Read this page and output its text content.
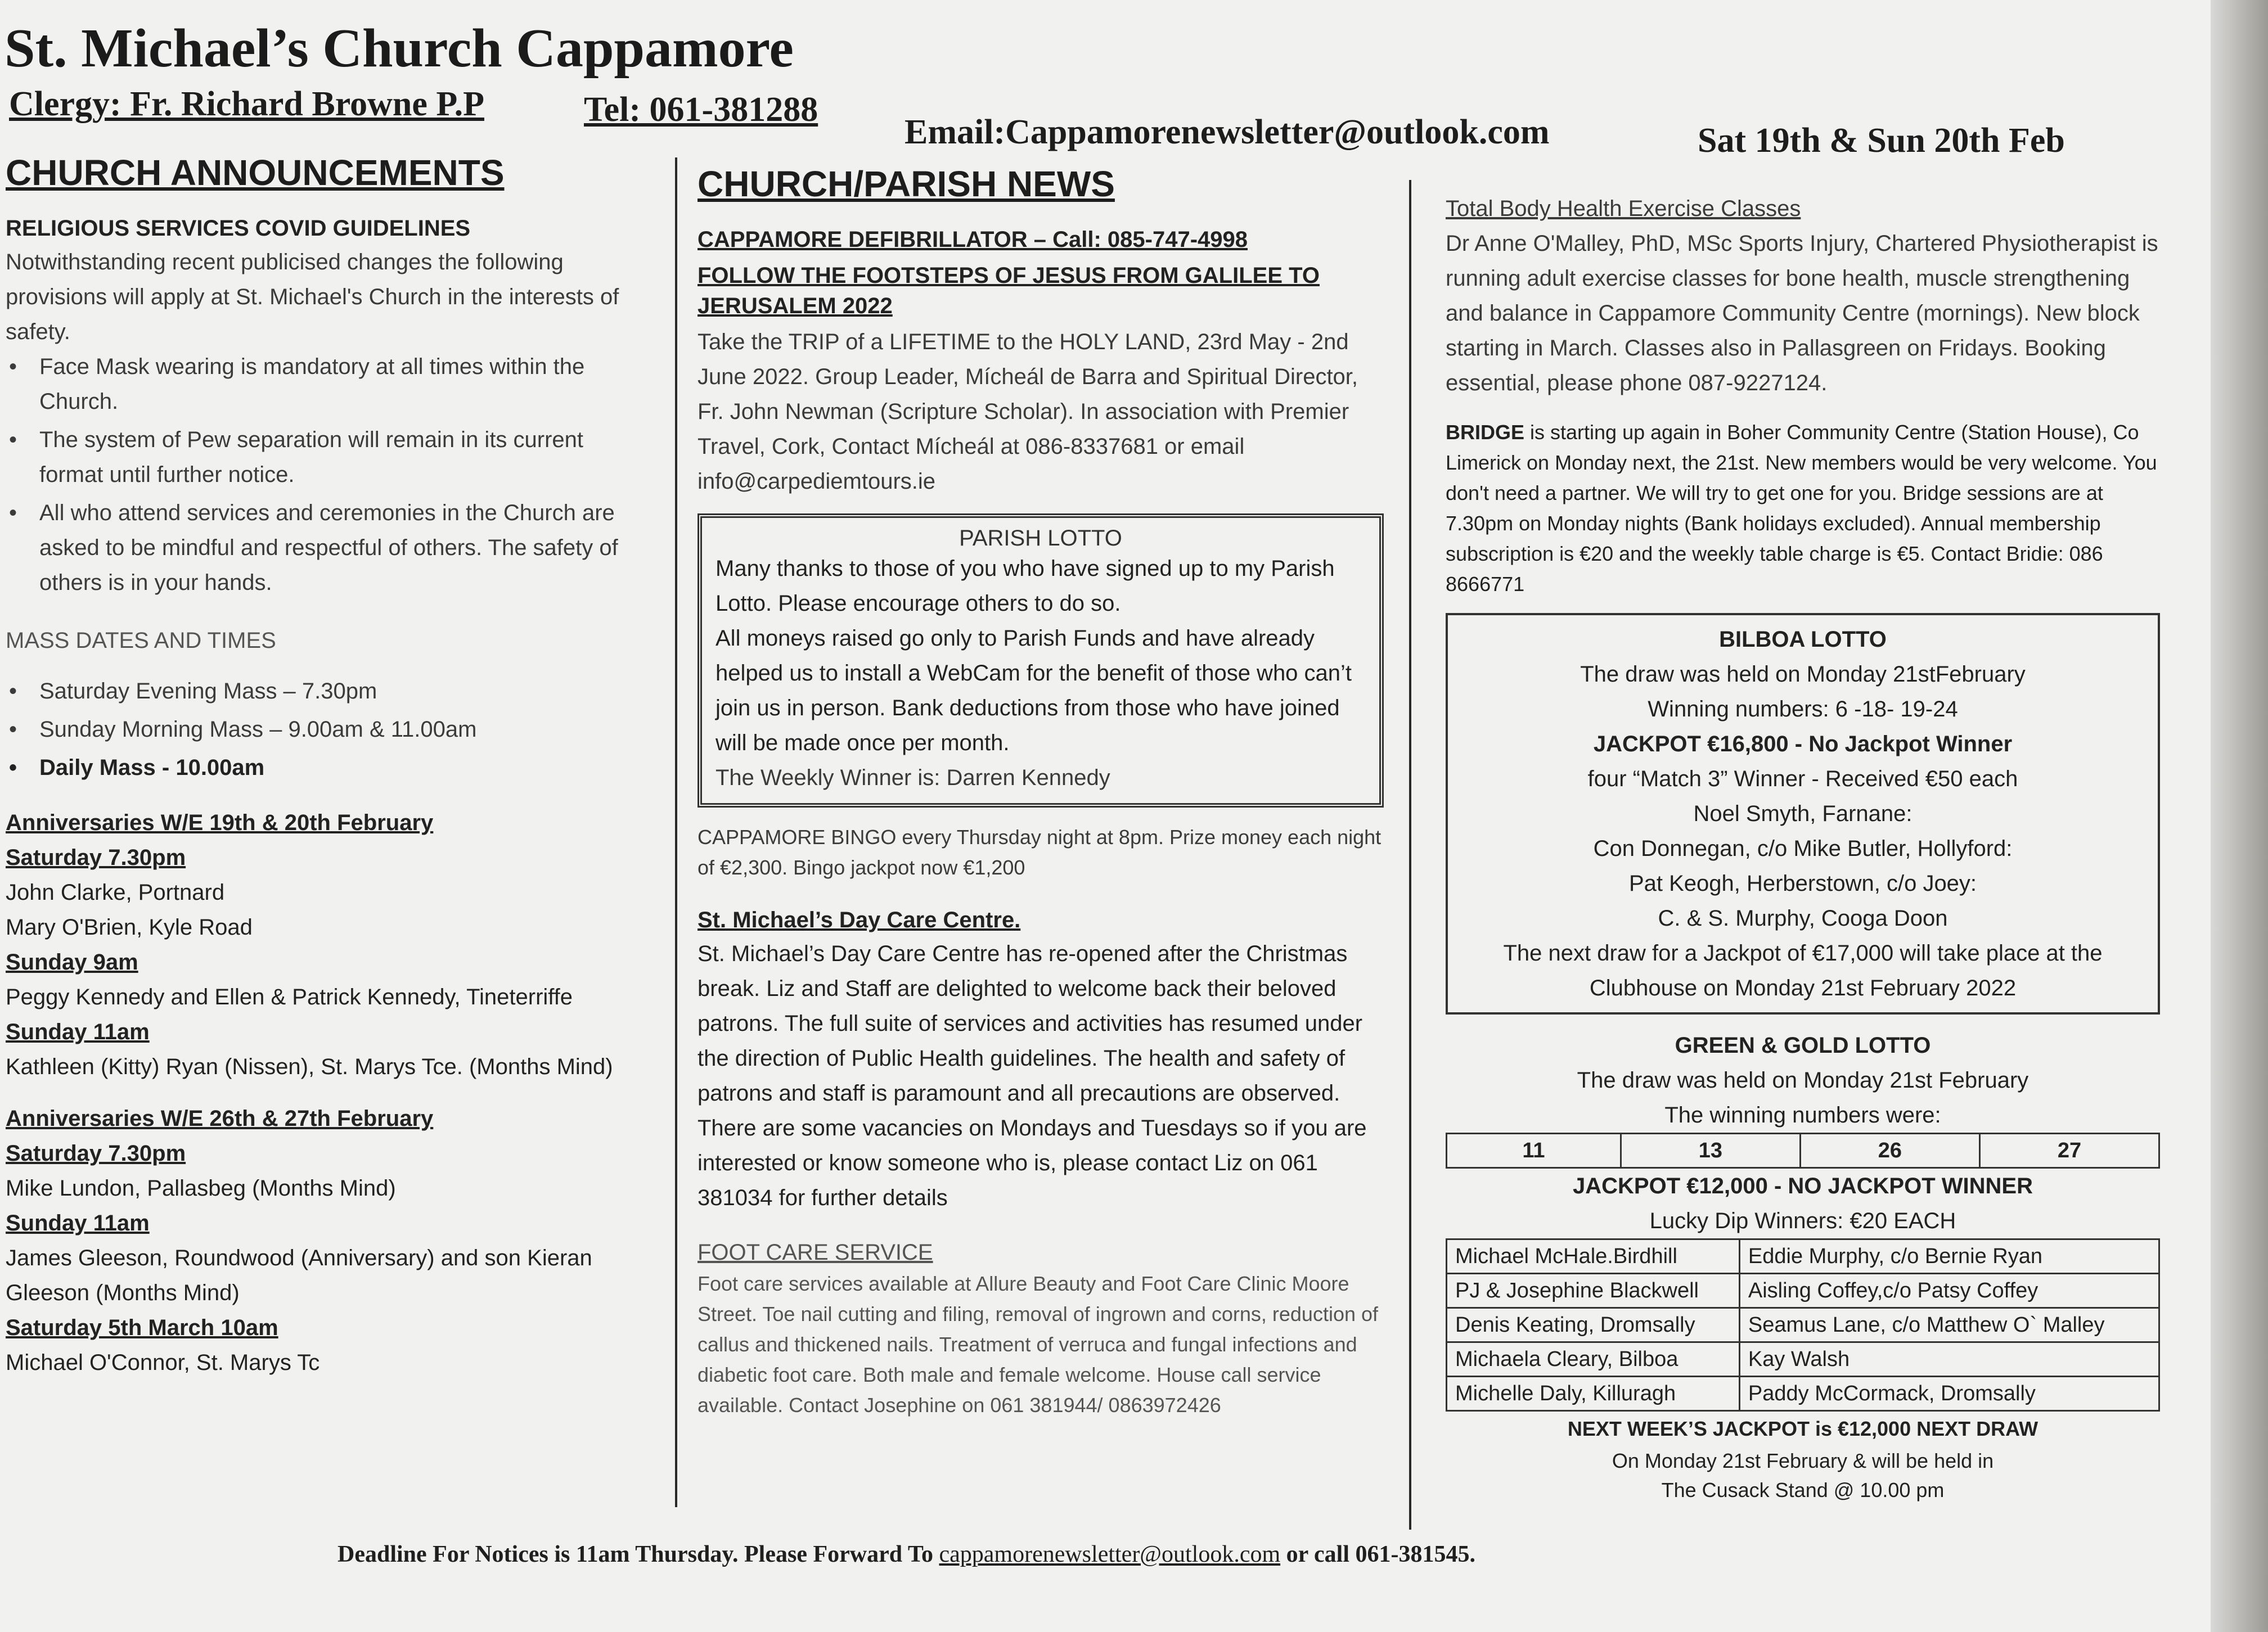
St. Michael’s Church Cappamore
Clergy: Fr. Richard Browne P.P	Tel: 061-381288
Email:Cappamorenewsletter@outlook.com	Sat 19th & Sun 20th Feb
CHURCH ANNOUNCEMENTS
RELIGIOUS SERVICES COVID GUIDELINES

Notwithstanding recent publicised changes the following provisions will apply at St. Michael's Church in the interests of safety.

• Face Mask wearing is mandatory at all times within the Church.
• The system of Pew separation will remain in its current format until further notice.
• All who attend services and ceremonies in the Church are asked to be mindful and respectful of others. The safety of others is in your hands.
MASS DATES AND TIMES
• Saturday Evening Mass – 7.30pm
• Sunday Morning Mass – 9.00am & 11.00am
• Daily Mass - 10.00am
Anniversaries W/E 19th & 20th February
Saturday 7.30pm
John Clarke, Portnard
Mary O'Brien, Kyle Road
Sunday 9am
Peggy Kennedy and Ellen & Patrick Kennedy, Tineterriffe
Sunday 11am
Kathleen (Kitty) Ryan (Nissen), St. Marys Tce. (Months Mind)
Anniversaries W/E 26th & 27th February
Saturday 7.30pm
Mike Lundon, Pallasbeg (Months Mind)
Sunday 11am
James Gleeson, Roundwood (Anniversary) and son Kieran Gleeson (Months Mind)
Saturday 5th March 10am
Michael O'Connor, St. Marys Tc
CHURCH/PARISH NEWS
CAPPAMORE DEFIBRILLATOR – Call: 085-747-4998
FOLLOW THE FOOTSTEPS OF JESUS FROM GALILEE TO JERUSALEM 2022

Take the TRIP of a LIFETIME to the HOLY LAND, 23rd May - 2nd June 2022. Group Leader, Mícheál de Barra and Spiritual Director, Fr. John Newman (Scripture Scholar). In association with Premier Travel, Cork, Contact Mícheál at 086-8337681 or email info@carpediemtours.ie

PARISH LOTTO

Many thanks to those of you who have signed up to my Parish Lotto. Please encourage others to do so.

All moneys raised go only to Parish Funds and have already helped us to install a WebCam for the benefit of those who can’t join us in person. Bank deductions from those who have joined will be made once per month.

The Weekly Winner is: Darren Kennedy

CAPPAMORE BINGO every Thursday night at 8pm. Prize money each night of €2,300. Bingo jackpot now €1,200

St. Michael’s Day Care Centre.

St. Michael’s Day Care Centre has re-opened after the Christmas break. Liz and Staff are delighted to welcome back their beloved patrons. The full suite of services and activities has resumed under the direction of Public Health guidelines. The health and safety of patrons and staff is paramount and all precautions are observed. There are some vacancies on Mondays and Tuesdays so if you are interested or know someone who is, please contact Liz on 061 381034 for further details

FOOT CARE SERVICE

Foot care services available at Allure Beauty and Foot Care Clinic Moore Street. Toe nail cutting and filing, removal of ingrown and corns, reduction of callus and thickened nails. Treatment of verruca and fungal infections and diabetic foot care. Both male and female welcome. House call service available. Contact Josephine on 061 381944/ 0863972426

Total Body Health Exercise Classes

Dr Anne O'Malley, PhD, MSc Sports Injury, Chartered Physiotherapist is running adult exercise classes for bone health, muscle strengthening and balance in Cappamore Community Centre (mornings). New block starting in March. Classes also in Pallasgreen on Fridays. Booking essential, please phone 087-9227124.

BRIDGE is starting up again in Boher Community Centre (Station House), Co Limerick on Monday next, the 21st. New members would be very welcome. You don't need a partner. We will try to get one for you. Bridge sessions are at 7.30pm on Monday nights (Bank holidays excluded). Annual membership subscription is €20 and the weekly table charge is €5. Contact Bridie: 086 8666771

BILBOA LOTTO
The draw was held on Monday 21stFebruary
Winning numbers: 6 -18- 19-24
JACKPOT €16,800 - No Jackpot Winner
four “Match 3” Winner - Received €50 each
Noel Smyth, Farnane:
Con Donnegan, c/o Mike Butler, Hollyford:
Pat Keogh, Herberstown, c/o Joey:
C. & S. Murphy, Cooga Doon
The next draw for a Jackpot of €17,000 will take place at the Clubhouse on Monday 21st February 2022
GREEN & GOLD LOTTO
The draw was held on Monday 21st February
The winning numbers were:
11	13	26	27
JACKPOT €12,000 - NO JACKPOT WINNER
Lucky Dip Winners: €20 EACH
Michael McHale.Birdhill	Eddie Murphy, c/o Bernie Ryan
PJ & Josephine Blackwell	Aisling Coffey,c/o Patsy Coffey
Denis Keating, Dromsally	Seamus Lane, c/o Matthew O` Malley
Michaela Cleary, Bilboa	Kay Walsh
Michelle Daly, Killuragh	Paddy McCormack, Dromsally
NEXT WEEK’S JACKPOT is €12,000 NEXT DRAW
On Monday 21st February & will be held in
The Cusack Stand @ 10.00 pm
Deadline For Notices is 11am Thursday. Please Forward To cappamorenewsletter@outlook.com or call 061-381545.
